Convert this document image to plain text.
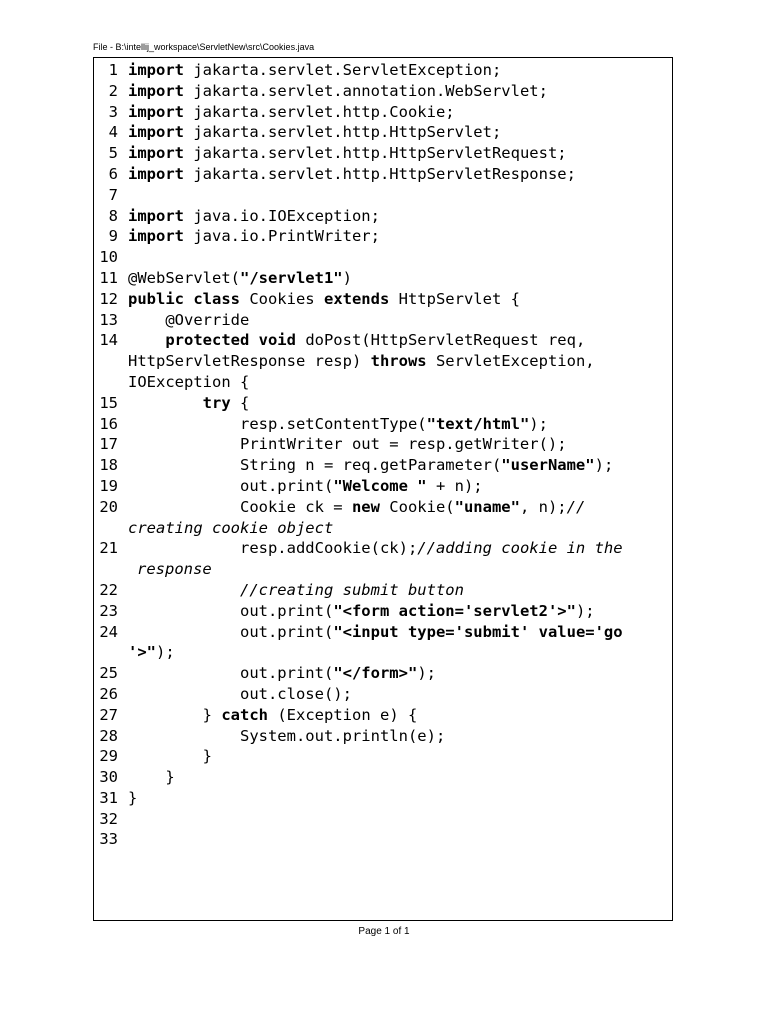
File - B:\intellij_workspace\ServletNew\src\Cookies.java
1 import jakarta.servlet.ServletException;
2 import jakarta.servlet.annotation.WebServlet;
3 import jakarta.servlet.http.Cookie;
4 import jakarta.servlet.http.HttpServlet;
5 import jakarta.servlet.http.HttpServletRequest;
6 import jakarta.servlet.http.HttpServletResponse;
7
8 import java.io.IOException;
9 import java.io.PrintWriter;
10
11 @WebServlet("/servlet1")
12 public class Cookies extends HttpServlet {
13 @Override
14	protected void doPost(HttpServletRequest req,
HttpServletResponse resp) throws ServletException,
IOException {
15	try {
16 resp.setContentType("text/html");
17 PrintWriter out = resp.getWriter();
18 String n = req.getParameter("userName");
19 out.print("Welcome " + n);
20 Cookie ck = new Cookie("uname", n);//
creating cookie object
21 resp.addCookie(ck);//adding cookie in the
response
22	//creating submit button
23 out.print("<form action='servlet2'>");
24 out.print("<input type='submit' value='go
'>");
25 out.print("</form>");
26 out.close();
27 } catch (Exception e) {
28 System.out.println(e);
29 }
30 }
31 }
32
33
Page 1 of 1
